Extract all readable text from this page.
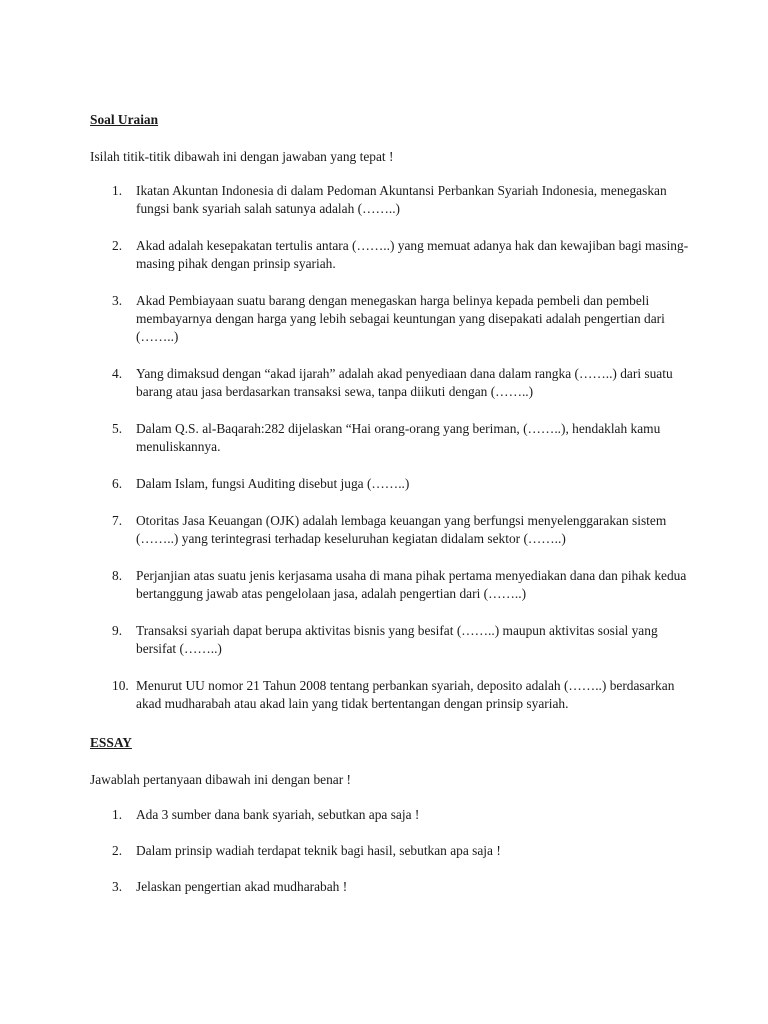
Soal Uraian

Isilah titik-titik dibawah ini dengan jawaban yang tepat !

1. Ikatan Akuntan Indonesia di dalam Pedoman Akuntansi Perbankan Syariah Indonesia, menegaskan fungsi bank syariah salah satunya adalah (……..)
2. Akad adalah kesepakatan tertulis antara (……..) yang memuat adanya hak dan kewajiban bagi masing-masing pihak dengan prinsip syariah.
3. Akad Pembiayaan suatu barang dengan menegaskan harga belinya kepada pembeli dan pembeli membayarnya dengan harga yang lebih sebagai keuntungan yang disepakati adalah pengertian dari (……..)
4. Yang dimaksud dengan “akad ijarah” adalah akad penyediaan dana dalam rangka (……..) dari suatu barang atau jasa berdasarkan transaksi sewa, tanpa diikuti dengan (……..)
5. Dalam Q.S. al-Baqarah:282 dijelaskan “Hai orang-orang yang beriman, (……..), hendaklah kamu menuliskannya.
6. Dalam Islam, fungsi Auditing disebut juga (……..)
7. Otoritas Jasa Keuangan (OJK) adalah lembaga keuangan yang berfungsi menyelenggarakan sistem (……..) yang terintegrasi terhadap keseluruhan kegiatan didalam sektor (……..)
8. Perjanjian atas suatu jenis kerjasama usaha di mana pihak pertama menyediakan dana dan pihak kedua bertanggung jawab atas pengelolaan jasa, adalah pengertian dari (……..)
9. Transaksi syariah dapat berupa aktivitas bisnis yang besifat (……..) maupun aktivitas sosial yang bersifat (……..)
10. Menurut UU nomor 21 Tahun 2008 tentang perbankan syariah, deposito adalah (……..) berdasarkan akad mudharabah atau akad lain yang tidak bertentangan dengan prinsip syariah.

ESSAY

Jawablah pertanyaan dibawah ini dengan benar !

1. Ada 3 sumber dana bank syariah, sebutkan apa saja !
2. Dalam prinsip wadiah terdapat teknik bagi hasil, sebutkan apa saja !
3. Jelaskan pengertian akad mudharabah !
